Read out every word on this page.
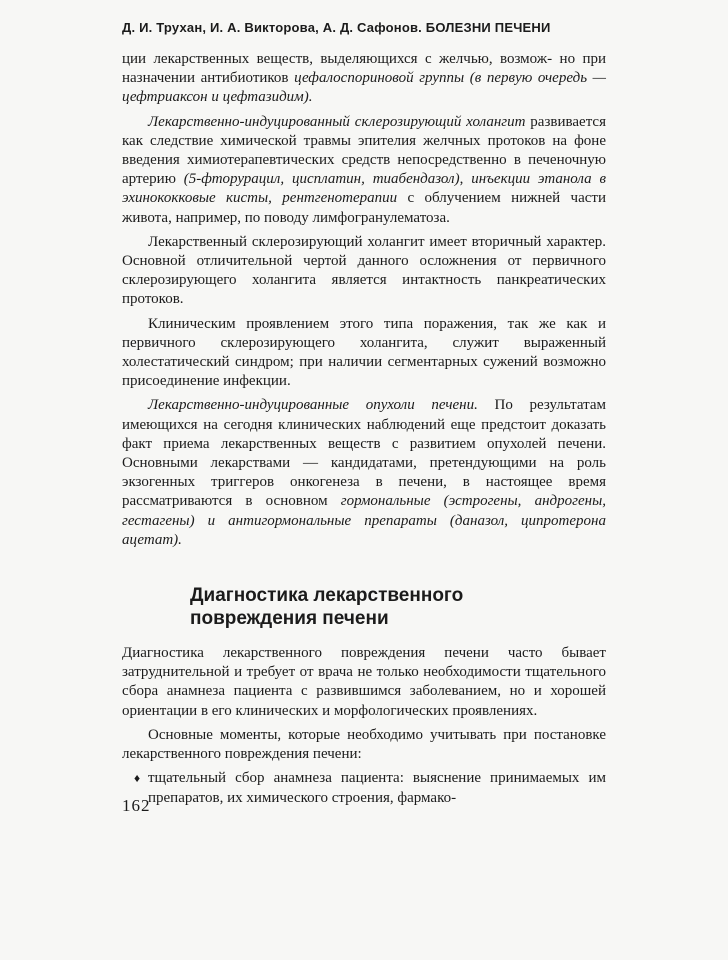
Д. И. Трухан, И. А. Викторова, А. Д. Сафонов. БОЛЕЗНИ ПЕЧЕНИ

ции лекарственных веществ, выделяющихся с желчью, возмож- но при назначении антибиотиков цефалоспориновой группы (в первую очередь — цефтриаксон и цефтазидим).

Лекарственно-индуцированный склерозирующий холангит развивается как следствие химической травмы эпителия желчных протоков на фоне введения химиотерапевтических средств непосредственно в печеночную артерию (5-фторурацил, цисплатин, тиабендазол), инъекции этанола в эхинококковые кисты, рентгенотерапии с облучением нижней части живота, например, по поводу лимфогранулематоза.

Лекарственный склерозирующий холангит имеет вторичный характер. Основной отличительной чертой данного осложнения от первичного склерозирующего холангита является интактность панкреатических протоков.

Клиническим проявлением этого типа поражения, так же как и первичного склерозирующего холангита, служит выраженный холестатический синдром; при наличии сегментарных сужений возможно присоединение инфекции.

Лекарственно-индуцированные опухоли печени. По результатам имеющихся на сегодня клинических наблюдений еще предстоит доказать факт приема лекарственных веществ с развитием опухолей печени. Основными лекарствами — кандидатами, претендующими на роль экзогенных триггеров онкогенеза в печени, в настоящее время рассматриваются в основном гормональные (эстрогены, андрогены, гестагены) и антигормональные препараты (даназол, ципротерона ацетат).

Диагностика лекарственного
повреждения печени

Диагностика лекарственного повреждения печени часто бывает затруднительной и требует от врача не только необходимости тщательного сбора анамнеза пациента с развившимся заболеванием, но и хорошей ориентации в его клинических и морфологических проявлениях.

Основные моменты, которые необходимо учитывать при постановке лекарственного повреждения печени:

♦ тщательный сбор анамнеза пациента: выяснение принимаемых им препаратов, их химического строения, фармако-

162
